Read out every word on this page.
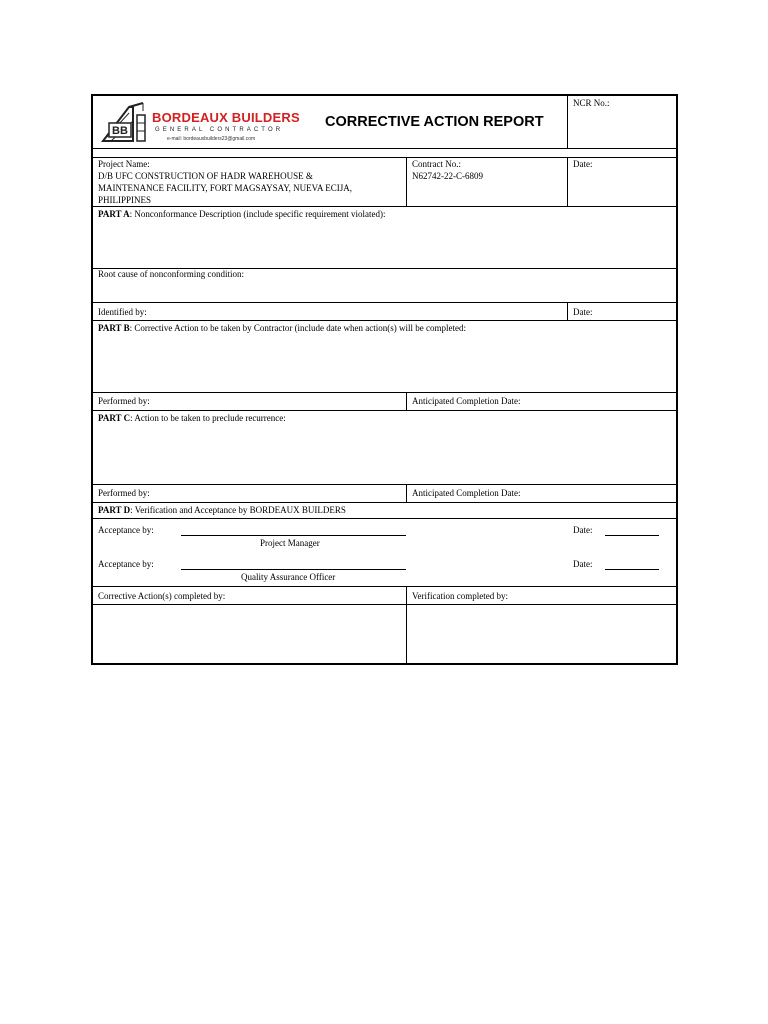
BB
BORDEAUX BUILDERS
GENERAL CONTRACTOR
e-mail: bordeauxbuilders23@gmail.com
CORRECTIVE ACTION REPORT
NCR No.:
Project Name:
D/B UFC CONSTRUCTION OF HADR WAREHOUSE &
MAINTENANCE FACILITY, FORT MAGSAYSAY, NUEVA ECIJA,
PHILIPPINES
Contract No.:
N62742-22-C-6809
Date:
PART A: Nonconformance Description (include specific requirement violated):
Root cause of nonconforming condition:
Identified by:	Date:
PART B: Corrective Action to be taken by Contractor (include date when action(s) will be completed:
Performed by:	Anticipated Completion Date:
PART C: Action to be taken to preclude recurrence:
Performed by:	Anticipated Completion Date:
PART D: Verification and Acceptance by BORDEAUX BUILDERS
Acceptance by:
Project Manager
Date:
Acceptance by:
Quality Assurance Officer
Date:
Corrective Action(s) completed by:	Verification completed by:
